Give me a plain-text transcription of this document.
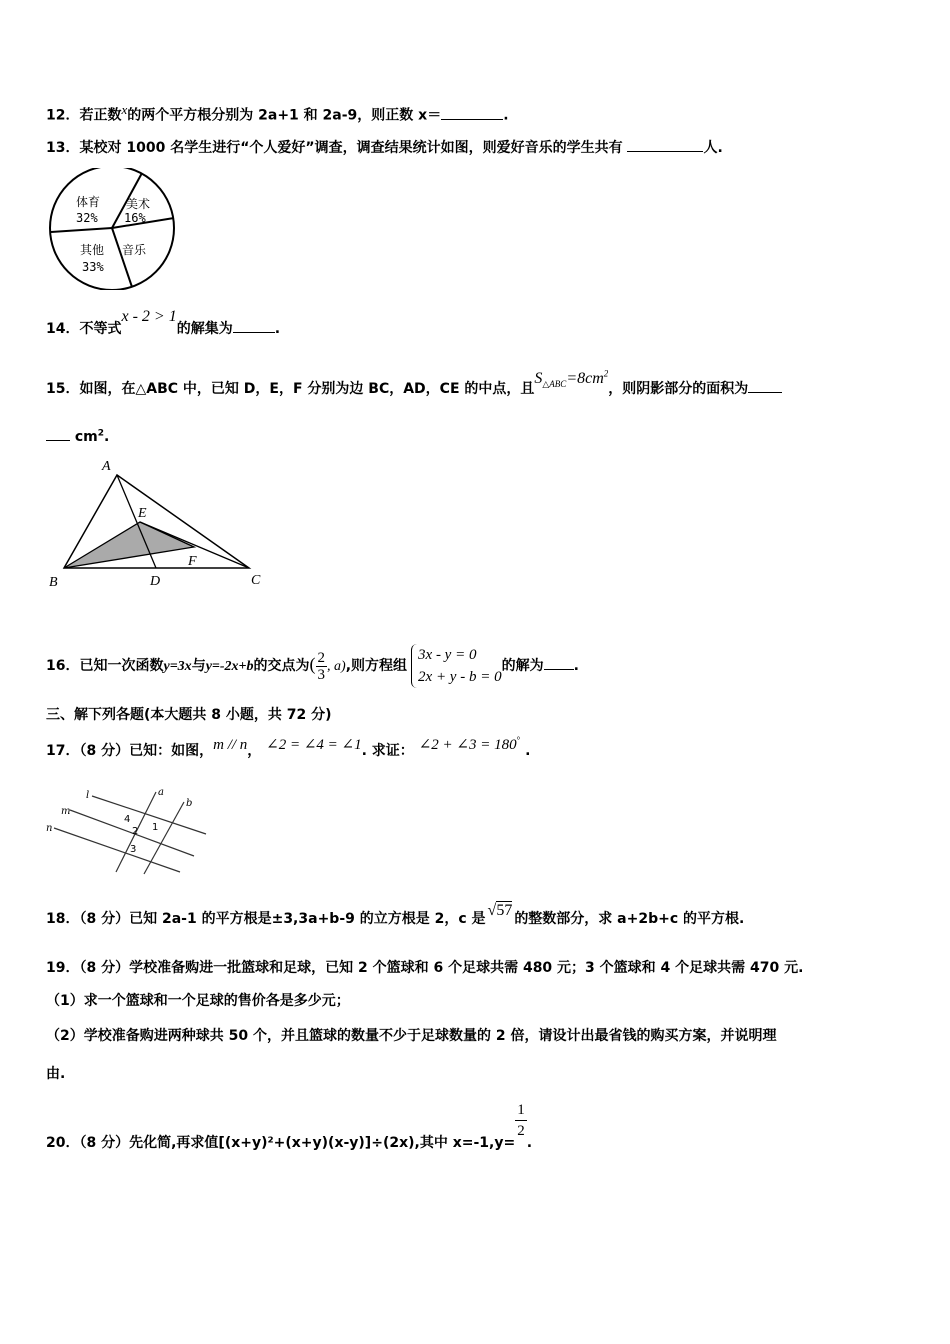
12．若正数$^x$的两个平方根分别为 2a+1 和 2a-9，则正数 x＝	.
13．某校对 1000 名学生进行“个人爱好”调查，调查结果统计如图，则爱好音乐的学生共有	人.
体育
32%
美术
16%
其他
33%
音乐
14．不等式x - 2 > 1的解集为	.
15．如图，在△ABC 中，已知 D，E，F 分别为边 BC，AD，CE 的中点，且$S_{\triangle ABC}=8cm^2$，则阴影部分的面积为
$cm^2$.
A
B	C
D
E
F
16．已知一次函数y=3x与y=-2x+b的交点为( $\frac{2}{3}$ , a),则方程组
3x - y = 0
2x + y - b = 0
的解为 .
三、解下列各题(本大题共 8 小题，共 72 分)
17．（8 分）已知：如图，m // n， ∠2 = ∠4 = ∠1. 求证： ∠2 + ∠3 = 180° .
l	a
b
m
n	1
2
3
4
18．（8 分）已知 2a-1 的平方根是±3,3a+b-9 的立方根是 2，c 是 √57 的整数部分，求 a+2b+c 的平方根.
19．（8 分）学校准备购进一批篮球和足球，已知 2 个篮球和 6 个足球共需 480 元；3 个篮球和 4 个足球共需 470 元.
（1）求一个篮球和一个足球的售价各是多少元；
（2）学校准备购进两种球共 50 个，并且篮球的数量不少于足球数量的 2 倍，请设计出最省钱的购买方案，并说明理
由.
20．（8 分）先化简,再求值[(x+y)²+(x+y)(x-y)]÷(2x),其中 x=-1,y=
$\frac{1}{2}$
.
